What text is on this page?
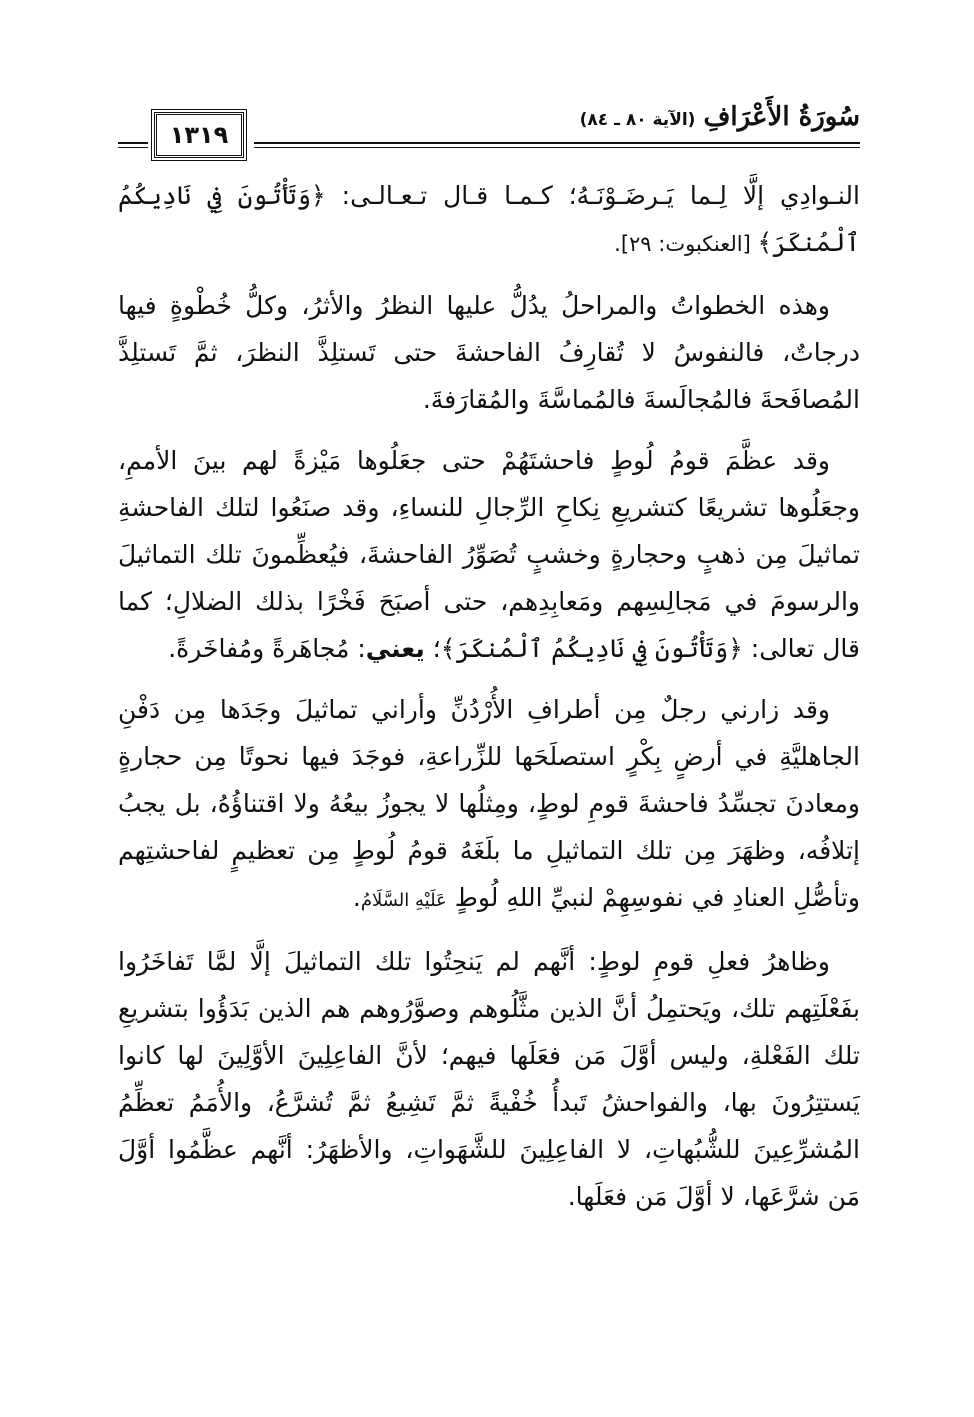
١٣١٩
سُورَةُ الأَعْرَافِ
(الآية ٨٠ ـ ٨٤)

النـوادِي إلَّا لِـما يَـرضَـوْنَـهُ؛ كـمـا قـال تـعـالـى: ﴿وَتَأْتُونَ فِي نَادِيكُمُ ٱلْمُنكَرَ﴾ [العنكبوت: ٢٩].

وهذه الخطواتُ والمراحلُ يدُلُّ عليها النظرُ والأثرُ، وكلُّ خُطْوةٍ فيها درجاتٌ، فالنفوسُ لا تُقارِفُ الفاحشةَ حتى تَستلِذَّ النظرَ، ثمَّ تَستلِذَّ المُصافَحةَ فالمُجالَسةَ فالمُماسَّةَ والمُقارَفةَ.

وقد عظَّمَ قومُ لُوطٍ فاحشتَهُمْ حتى جعَلُوها مَيْزةً لهم بينَ الأممِ، وجعَلُوها تشريعًا كتشريعِ نِكاحِ الرِّجالِ للنساءِ، وقد صنَعُوا لتلك الفاحشةِ تماثيلَ مِن ذهبٍ وحجارةٍ وخشبٍ تُصَوِّرُ الفاحشةَ، فيُعظِّمونَ تلك التماثيلَ والرسومَ في مَجالِسِهم ومَعابِدِهم، حتى أصبَحَ فَخْرًا بذلك الضلالِ؛ كما قال تعالى: ﴿وَتَأْتُونَ فِي نَادِيكُمُ ٱلْمُنكَرَ﴾؛ يعني: مُجاهَرةً ومُفاخَرةً.

وقد زارني رجلٌ مِن أطرافِ الأُرْدُنِّ وأراني تماثيلَ وجَدَها مِن دَفْنِ الجاهليَّةِ في أرضٍ بِكْرٍ استصلَحَها للزِّراعةِ، فوجَدَ فيها نحوتًا مِن حجارةٍ ومعادنَ تجسِّدُ فاحشةَ قومِ لوطٍ، ومِثلُها لا يجوزُ بيعُهُ ولا اقتناؤُهُ، بل يجبُ إتلافُه، وظهَرَ مِن تلك التماثيلِ ما بلَغَهُ قومُ لُوطٍ مِن تعظيمٍ لفاحشتِهم وتأصُّلِ العنادِ في نفوسِهِمْ لنبيِّ اللهِ لُوطٍ عَلَيْهِ السَّلَامُ.

وظاهرُ فعلِ قومِ لوطٍ: أنَّهم لم يَنحِتُوا تلك التماثيلَ إلَّا لمَّا تَفاخَرُوا بفَعْلَتِهم تلك، ويَحتمِلُ أنَّ الذين مثَّلُوهم وصوَّرُوهم هم الذين بَدَؤُوا بتشريعِ تلك الفَعْلةِ، وليس أوَّلَ مَن فعَلَها فيهم؛ لأنَّ الفاعِلِينَ الأوَّلِينَ لها كانوا يَستتِرُونَ بها، والفواحشُ تَبدأُ خُفْيةً ثمَّ تَشِيعُ ثمَّ تُشرَّعُ، والأُمَمُ تعظِّمُ المُشرِّعِينَ للشُّبُهاتِ، لا الفاعِلِينَ للشَّهَواتِ، والأظهَرُ: أنَّهم عظَّمُوا أوَّلَ مَن شرَّعَها، لا أوَّلَ مَن فعَلَها.
